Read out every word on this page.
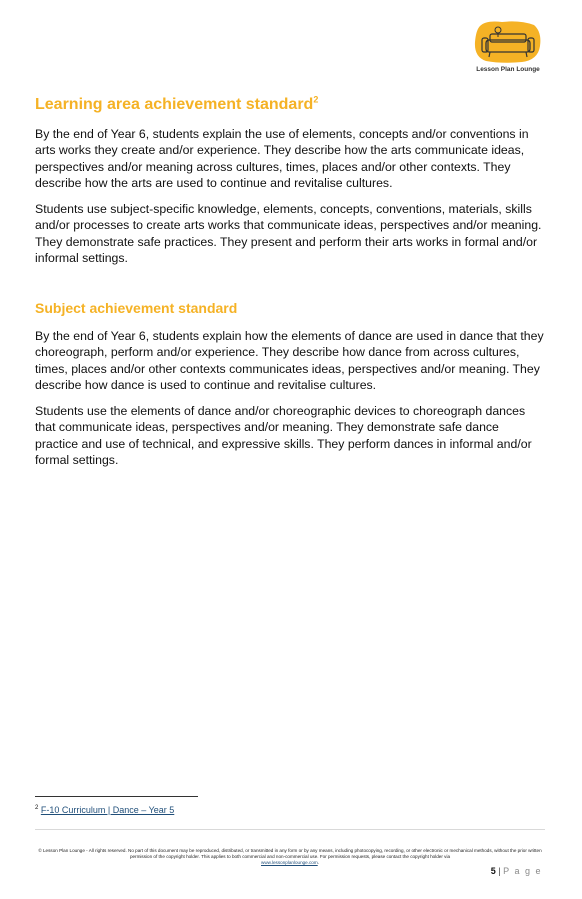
Lesson Plan Lounge
Learning area achievement standard$^2$

By the end of Year 6, students explain the use of elements, concepts and/or conventions in arts works they create and/or experience. They describe how the arts communicate ideas, perspectives and/or meaning across cultures, times, places and/or other contexts. They describe how the arts are used to continue and revitalise cultures.

Students use subject-specific knowledge, elements, concepts, conventions, materials, skills and/or processes to create arts works that communicate ideas, perspectives and/or meaning. They demonstrate safe practices. They present and perform their arts works in formal and/or informal settings.

Subject achievement standard

By the end of Year 6, students explain how the elements of dance are used in dance that they choreograph, perform and/or experience. They describe how dance from across cultures, times, places and/or other contexts communicates ideas, perspectives and/or meaning. They describe how dance is used to continue and revitalise cultures.

Students use the elements of dance and/or choreographic devices to choreograph dances that communicate ideas, perspectives and/or meaning. They demonstrate safe dance practice and use of technical, and expressive skills. They perform dances in informal and/or formal settings.

$^2$ F-10 Curriculum | Dance – Year 5
© Lesson Plan Lounge - All rights reserved. No part of this document may be reproduced, distributed, or transmitted in any form or by any means, including photocopying, recording, or other electronic or mechanical methods, without the prior written permission of the copyright holder. This applies to both commercial and non-commercial use. For permission requests, please contact the copyright holder via
www.lessonplanlounge.com.
5 | P a g e
